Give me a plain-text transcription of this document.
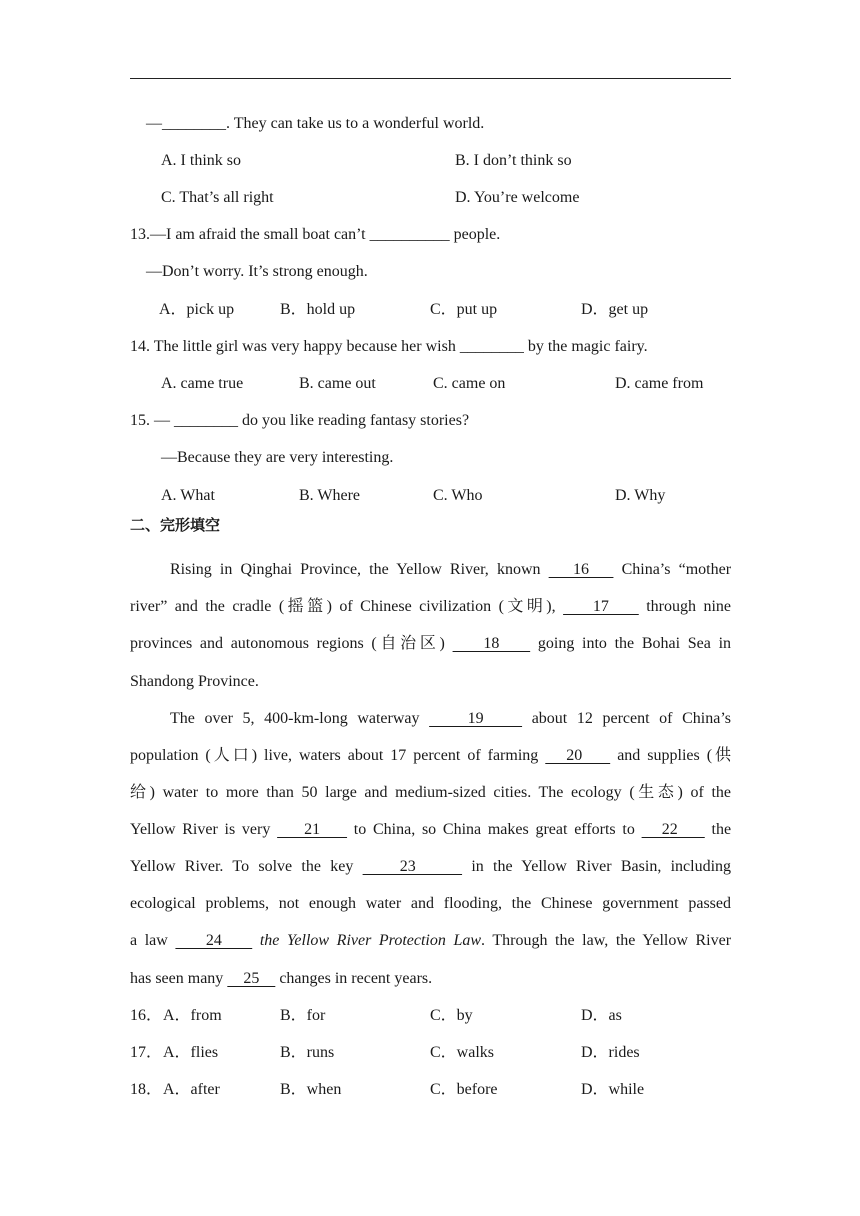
—________. They can take us to a wonderful world.
A. I think so	B. I don’t think so
C. That’s all right	D. You’re welcome
13.—I am afraid the small boat can’t __________ people.
—Don’t worry. It’s strong enough.
A．pick up	B．hold up	C．put up	D．get up
14. The little girl was very happy because her wish ________ by the magic fairy.
A. came true	B. came out	C. came on	D. came from
15. — ________ do you like reading fantasy stories?
—Because they are very interesting.
A. What	B. Where	C. Who	D. Why
二、完形填空
Rising in Qinghai Province, the Yellow River, known    16    China’s “mother
river” and the cradle (摇篮) of Chinese civilization (文明),     17     through nine
provinces and autonomous regions (自治区)     18     going into the Bohai Sea in
Shandong Province.
The over 5, 400-km-long waterway     19     about 12 percent of China’s
population (人口) live, waters about 17 percent of farming    20     and supplies (供
给) water to more than 50 large and medium-sized cities. The ecology (生态) of the
Yellow River is very     21     to China, so China makes great efforts to    22     the
Yellow River. To solve the key     23      in the Yellow River Basin, including
ecological problems, not enough water and flooding, the Chinese government passed
a law     24     the Yellow River Protection Law. Through the law, the Yellow River
has seen many     25     changes in recent years.
16． A．from	B．for	C．by	D．as
17． A．flies	B．runs	C．walks	D．rides
18． A．after	B．when	C．before	D．while
